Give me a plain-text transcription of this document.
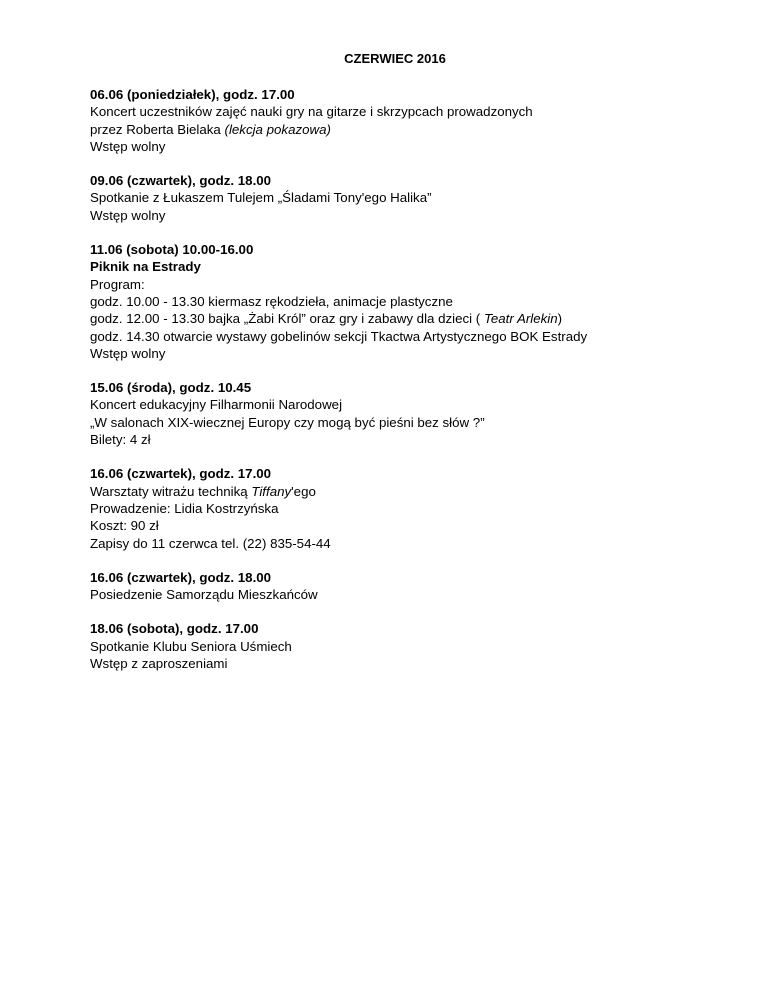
CZERWIEC 2016
06.06 (poniedziałek), godz. 17.00
Koncert uczestników zajęć nauki gry na gitarze i skrzypcach prowadzonych
przez Roberta Bielaka (lekcja pokazowa)
Wstęp wolny
09.06 (czwartek), godz. 18.00
Spotkanie z Łukaszem Tulejem „Śladami Tony'ego Halika”
Wstęp wolny
11.06 (sobota) 10.00-16.00
Piknik na Estrady
Program:
godz. 10.00 - 13.30 kiermasz rękodzieła, animacje plastyczne
godz. 12.00 - 13.30 bajka „Żabi Król” oraz gry i zabawy dla dzieci ( Teatr Arlekin)
godz. 14.30 otwarcie wystawy gobelinów sekcji Tkactwa Artystycznego BOK Estrady
Wstęp wolny
15.06 (środa), godz. 10.45
Koncert edukacyjny Filharmonii Narodowej
„W salonach XIX-wiecznej Europy czy mogą być pieśni bez słów ?”
Bilety: 4 zł
16.06 (czwartek), godz. 17.00
Warsztaty witrażu techniką Tiffany'ego
Prowadzenie: Lidia Kostrzyńska
Koszt: 90 zł
Zapisy do 11 czerwca tel. (22) 835-54-44
16.06 (czwartek), godz. 18.00
Posiedzenie Samorządu Mieszkańców
18.06 (sobota), godz. 17.00
Spotkanie Klubu Seniora Uśmiech
Wstęp z zaproszeniami
